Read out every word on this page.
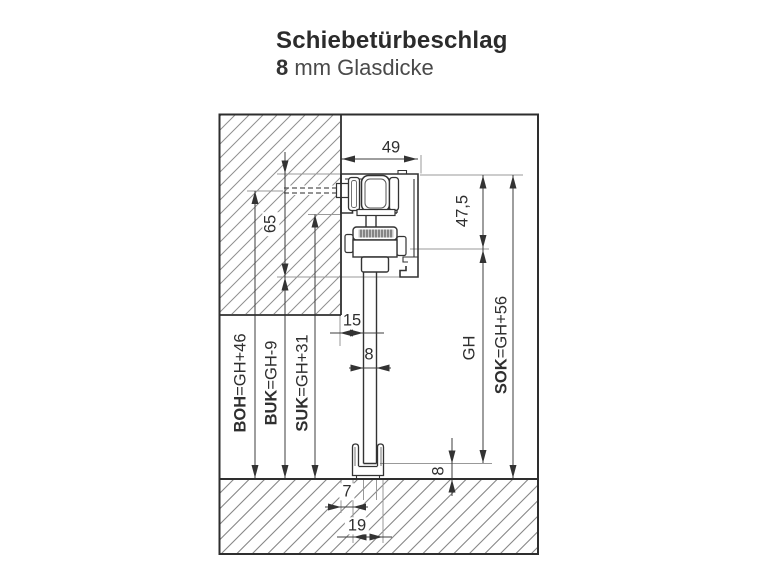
Schiebetürbeschlag
8 mm Glasdicke
49
65	47,5
15
8	GH
SOK=GH+56
BOH=GH+46
BUK=GH-9
SUK=GH+31
8
7
19
